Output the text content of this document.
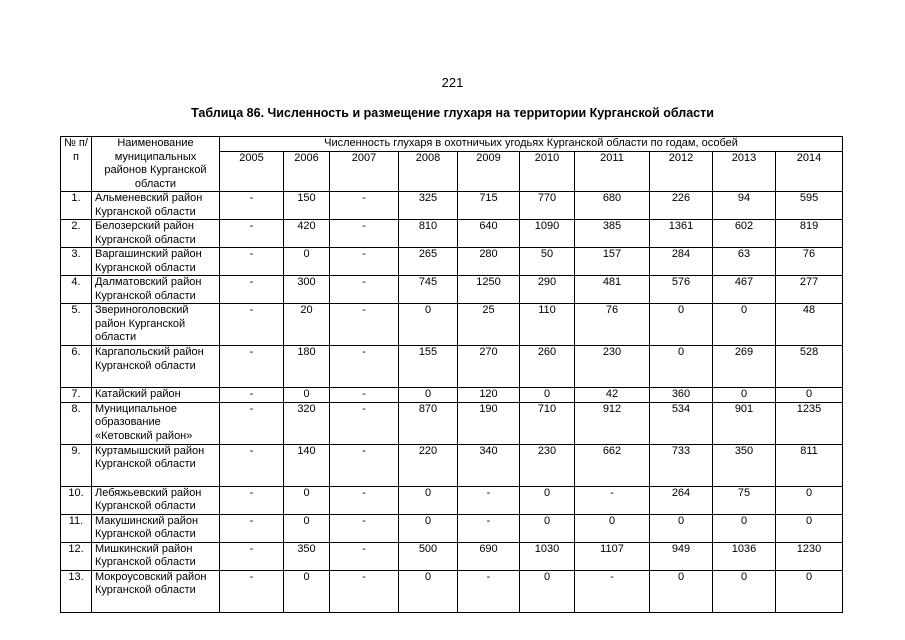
221
Таблица 86. Численность и размещение глухаря на территории Курганской области
№ п/п	Наименование муниципальных районов Курганской области	Численность глухаря в охотничьих угодьях Курганской области по годам, особей									
		2005	2006	2007	2008	2009	2010	2011	2012	2013	2014
1.	Альменевский район Курганской области	-	150	-	325	715	770	680	226	94	595
2.	Белозерский район Курганской области	-	420	-	810	640	1090	385	1361	602	819
3.	Варгашинский район Курганской области	-	0	-	265	280	50	157	284	63	76
4.	Далматовский район Курганской области	-	300	-	745	1250	290	481	576	467	277
5.	Звериноголовский район Курганской области	-	20	-	0	25	110	76	0	0	48
6.	Каргапольский район Курганской области	-	180	-	155	270	260	230	0	269	528
7.	Катайский район	-	0	-	0	120	0	42	360	0	0
8.	Муниципальное образование «Кетовский район»	-	320	-	870	190	710	912	534	901	1235
9.	Куртамышский район Курганской области	-	140	-	220	340	230	662	733	350	811
10.	Лебяжьевский район Курганской области	-	0	-	0	-	0	-	264	75	0
11.	Макушинский район Курганской области	-	0	-	0	-	0	0	0	0	0
12.	Мишкинский район Курганской области	-	350	-	500	690	1030	1107	949	1036	1230
13.	Мокроусовский район Курганской области	-	0	-	0	-	0	-	0	0	0
